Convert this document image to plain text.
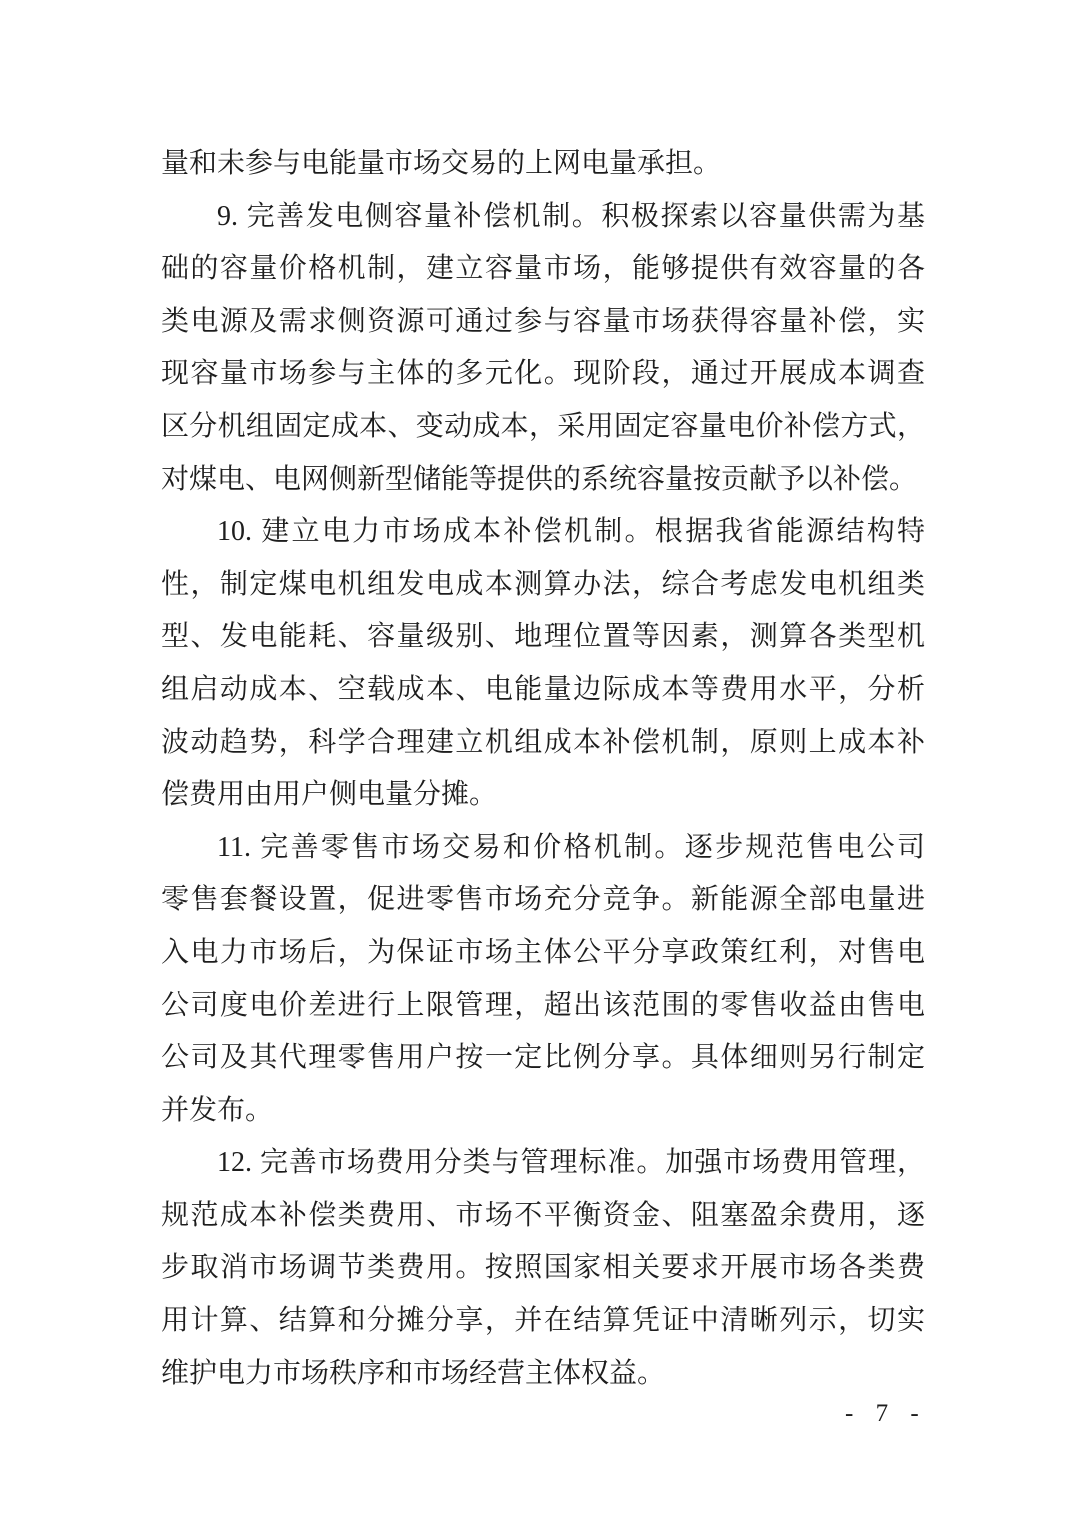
量和未参与电能量市场交易的上网电量承担。
9. 完善发电侧容量补偿机制。积极探索以容量供需为基
础的容量价格机制，建立容量市场，能够提供有效容量的各
类电源及需求侧资源可通过参与容量市场获得容量补偿，实
现容量市场参与主体的多元化。现阶段，通过开展成本调查
区分机组固定成本、变动成本，采用固定容量电价补偿方式，
对煤电、电网侧新型储能等提供的系统容量按贡献予以补偿。
10. 建立电力市场成本补偿机制。根据我省能源结构特
性，制定煤电机组发电成本测算办法，综合考虑发电机组类
型、发电能耗、容量级别、地理位置等因素，测算各类型机
组启动成本、空载成本、电能量边际成本等费用水平，分析
波动趋势，科学合理建立机组成本补偿机制，原则上成本补
偿费用由用户侧电量分摊。
11. 完善零售市场交易和价格机制。逐步规范售电公司
零售套餐设置，促进零售市场充分竞争。新能源全部电量进
入电力市场后，为保证市场主体公平分享政策红利，对售电
公司度电价差进行上限管理，超出该范围的零售收益由售电
公司及其代理零售用户按一定比例分享。具体细则另行制定
并发布。
12. 完善市场费用分类与管理标准。加强市场费用管理，
规范成本补偿类费用、市场不平衡资金、阻塞盈余费用，逐
步取消市场调节类费用。按照国家相关要求开展市场各类费
用计算、结算和分摊分享，并在结算凭证中清晰列示，切实
维护电力市场秩序和市场经营主体权益。
- 7 -
